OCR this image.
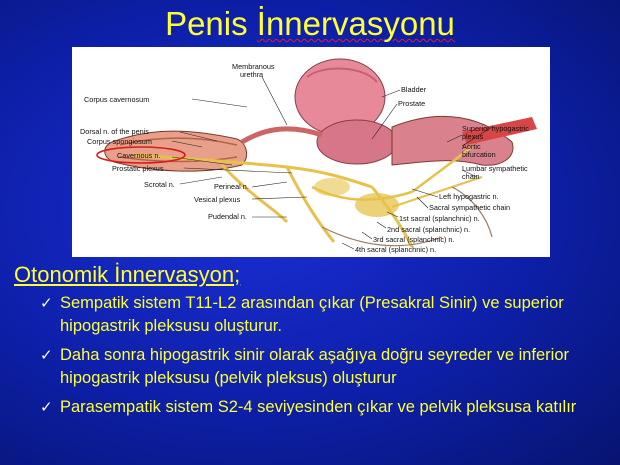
Penis İnnervasyonu
Membranous
urethra
Bladder
Prostate
Corpus cavernosum
Dorsal n. of the penis
Corpus spongiosum
Cavernous n.
Prostatic plexus
Scrotal n.	Perineal n.
Vesical plexus
Pudendal n.
Superior hypogastric
plexus
Aortic
bifurcation
Lumbar sympathetic
chain
Left hypogastric n.
Sacral sympathetic chain
1st sacral (splanchnic) n.
2nd sacral (splanchnic) n.
3rd sacral (splanchnic) n.
4th sacral (splanchnic) n.
Otonomik İnnervasyon;
✓ Sempatik sistem T11-L2 arasından çıkar (Presakral Sinir) ve superior hipogastrik pleksusu oluşturur.
✓ Daha sonra hipogastrik sinir olarak aşağıya doğru seyreder ve inferior hipogastrik pleksusu (pelvik pleksus) oluşturur
✓ Parasempatik sistem S2-4 seviyesinden çıkar ve pelvik pleksusa katılır
